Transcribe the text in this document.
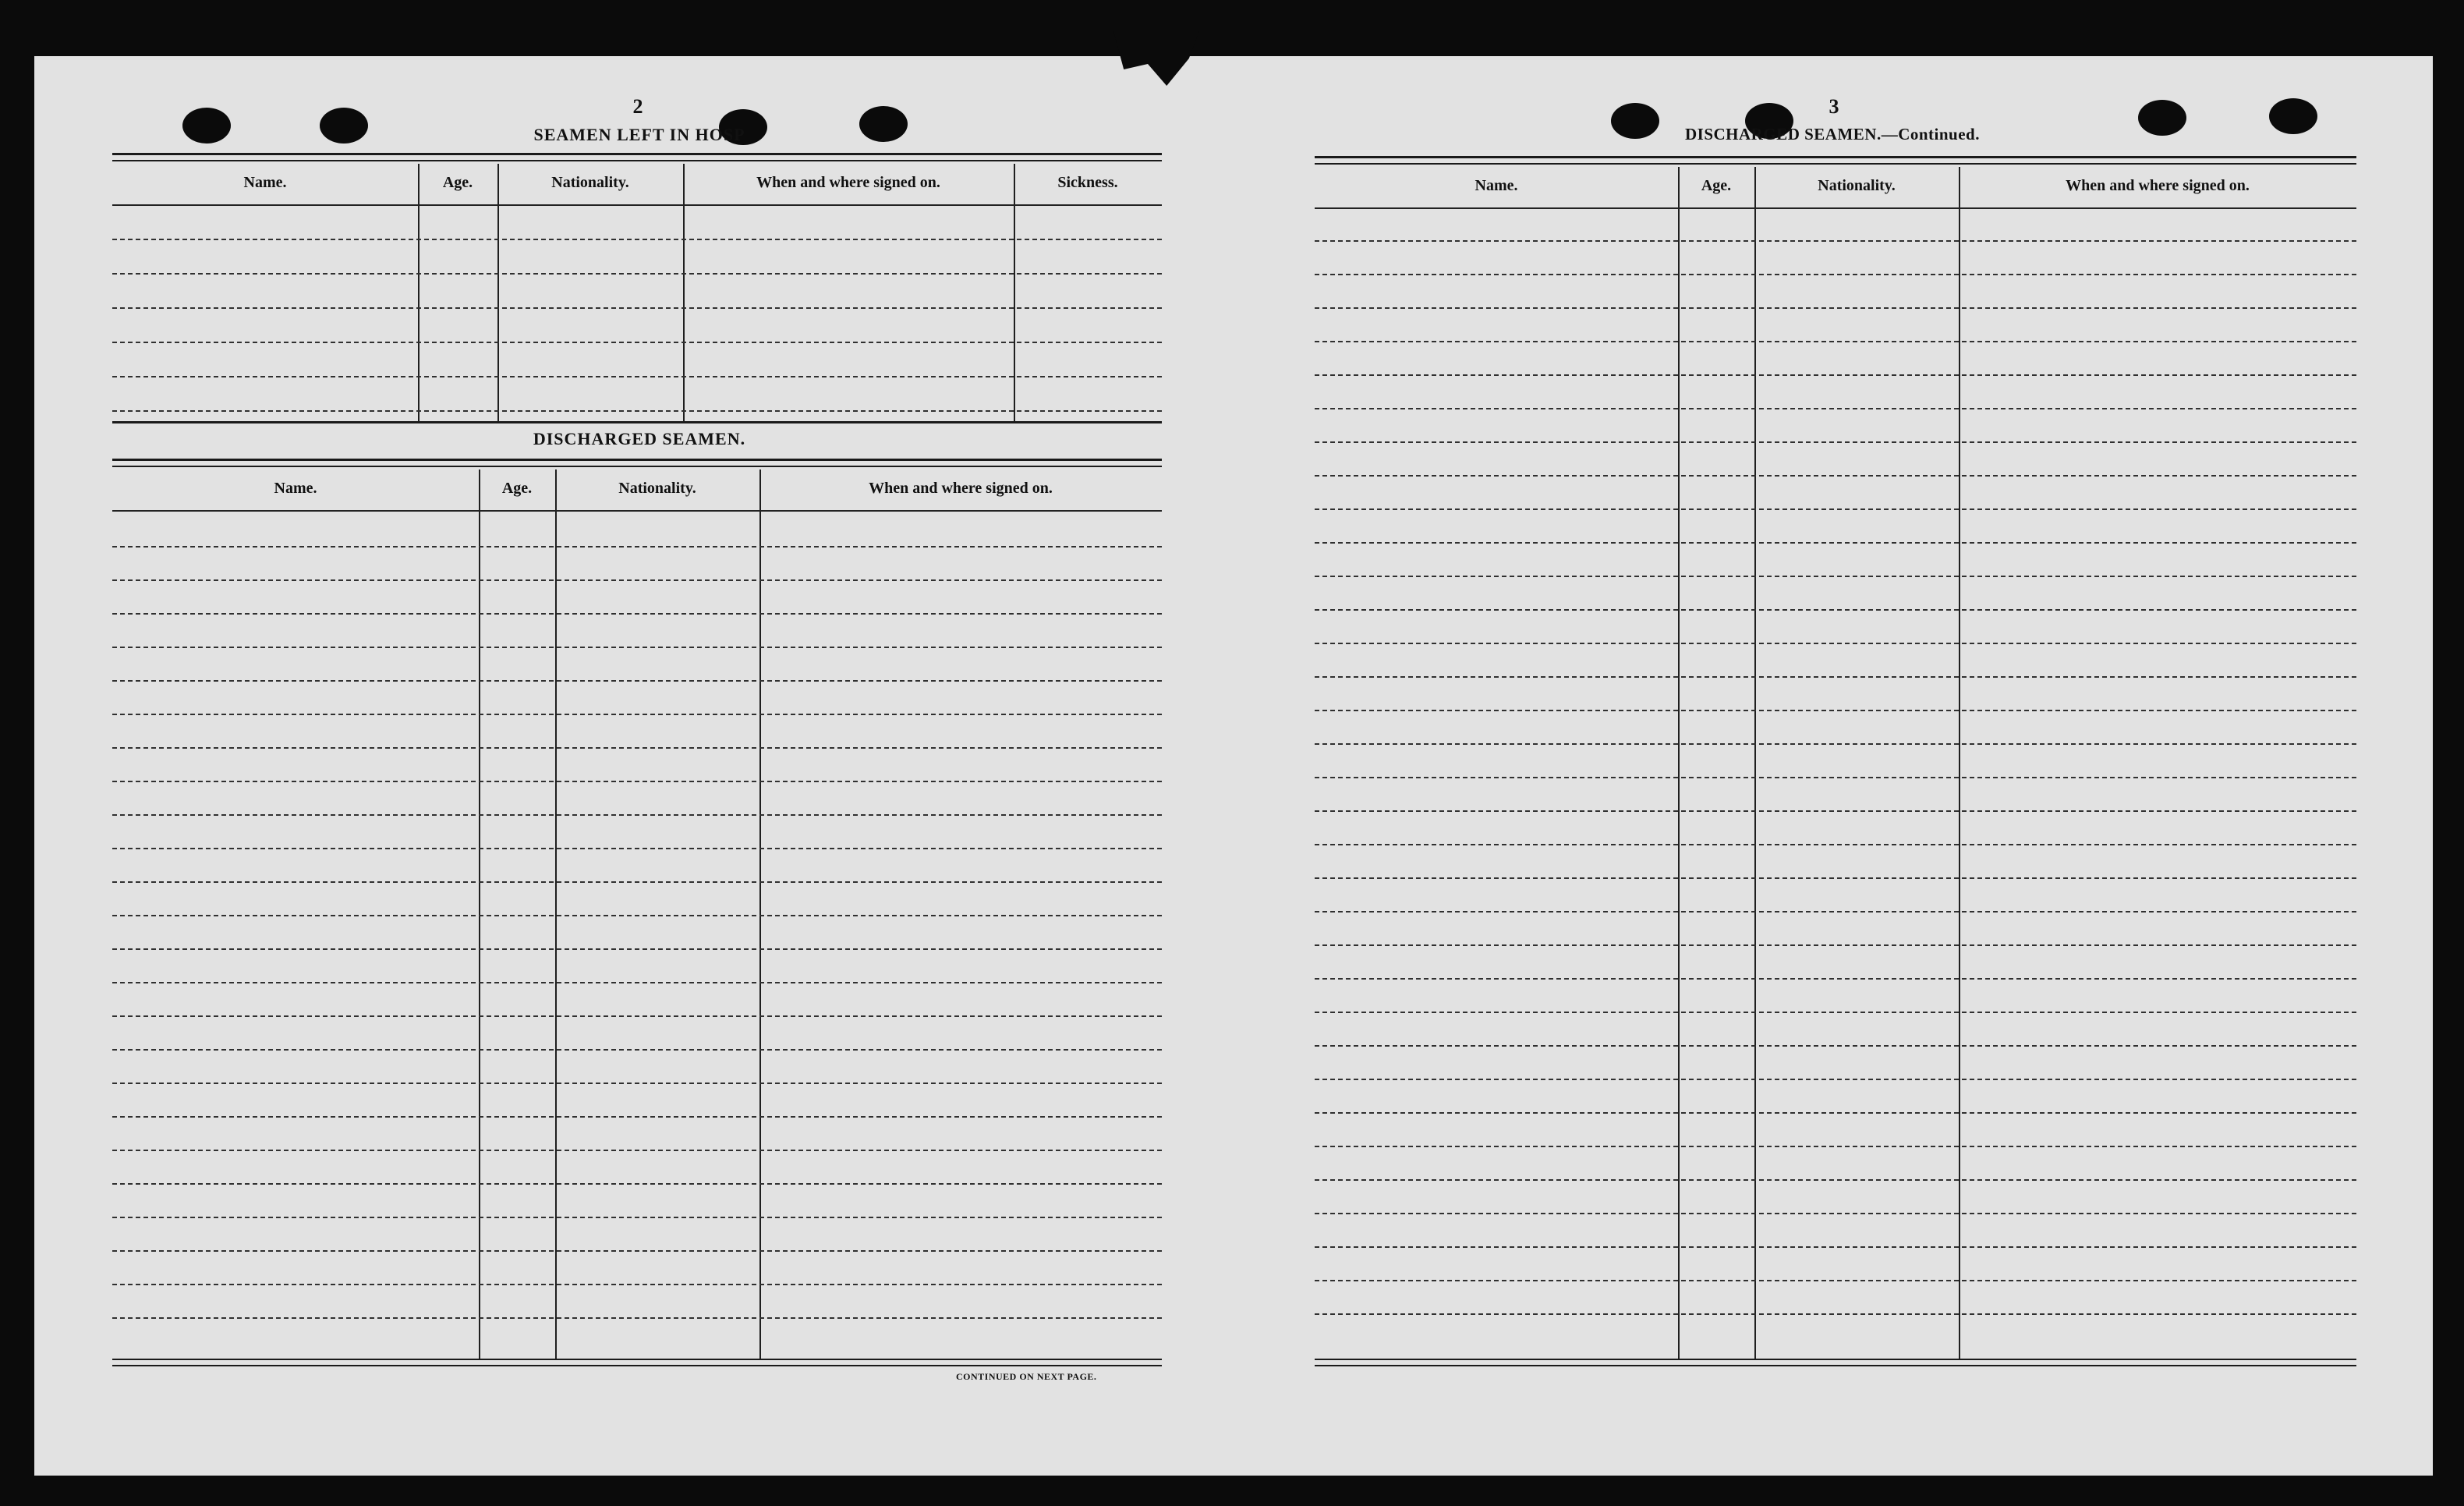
2
SEAMEN LEFT IN HOSP
Name.	Age.	Nationality.	When and where signed on.	Sickness.
DISCHARGED SEAMEN.
Name.	Age.	Nationality.	When and where signed on.
CONTINUED ON NEXT PAGE.
3
DISCHARGED SEAMEN.—Continued.
Name.	Age.	Nationality.	When and where signed on.
